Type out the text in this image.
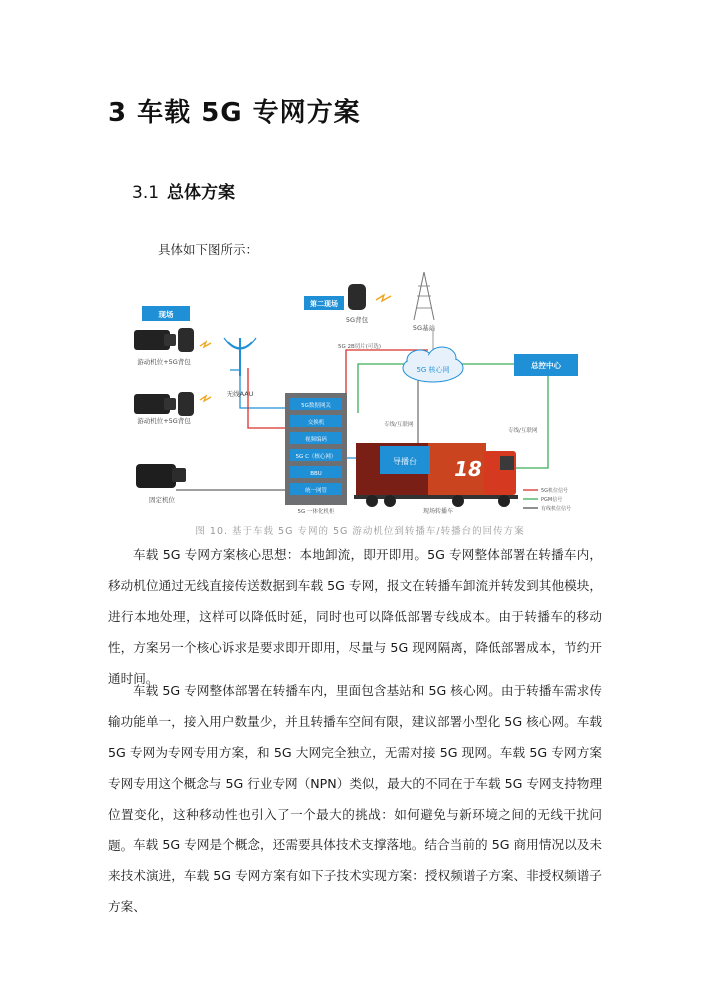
3 车载 5G 专网方案
3.1 总体方案

具体如下图所示：

现场
游动机位+5G背包
游动机位+5G背包
无线AAU
固定机位
第二现场
5G背包
5G基站
5G 2B切片(可选)
5G 核心网	总控中心
专线/互联网
专线/互联网
5G数据网关
交换机
视频编码
5G C（核心网）
BBU
统一网管
5G 一体化机柜
18
导播台
现场转播车
5G机位信号
PGM信号
有线机位信号

图 10. 基于车载 5G 专网的 5G 游动机位到转播车/转播台的回传方案

车载 5G 专网方案核心思想：本地卸流，即开即用。5G 专网整体部署在转播车内，移动机位通过无线直接传送数据到车载 5G 专网，报文在转播车卸流并转发到其他模块，进行本地处理，这样可以降低时延，同时也可以降低部署专线成本。由于转播车的移动性，方案另一个核心诉求是要求即开即用，尽量与 5G 现网隔离，降低部署成本，节约开通时间。

车载 5G 专网整体部署在转播车内，里面包含基站和 5G 核心网。由于转播车需求传输功能单一，接入用户数量少，并且转播车空间有限，建议部署小型化 5G 核心网。车载 5G 专网为专网专用方案，和 5G 大网完全独立，无需对接 5G 现网。车载 5G 专网方案专网专用这个概念与 5G 行业专网（NPN）类似，最大的不同在于车载 5G 专网支持物理位置变化，这种移动性也引入了一个最大的挑战：如何避免与新环境之间的无线干扰问题。 车载 5G 专网是个概念，还需要具体技术支撑落地。结合当前的 5G 商用情况以及未来技术演进，车载 5G 专网方案有如下子技术实现方案：授权频谱子方案、非授权频谱子方案、
